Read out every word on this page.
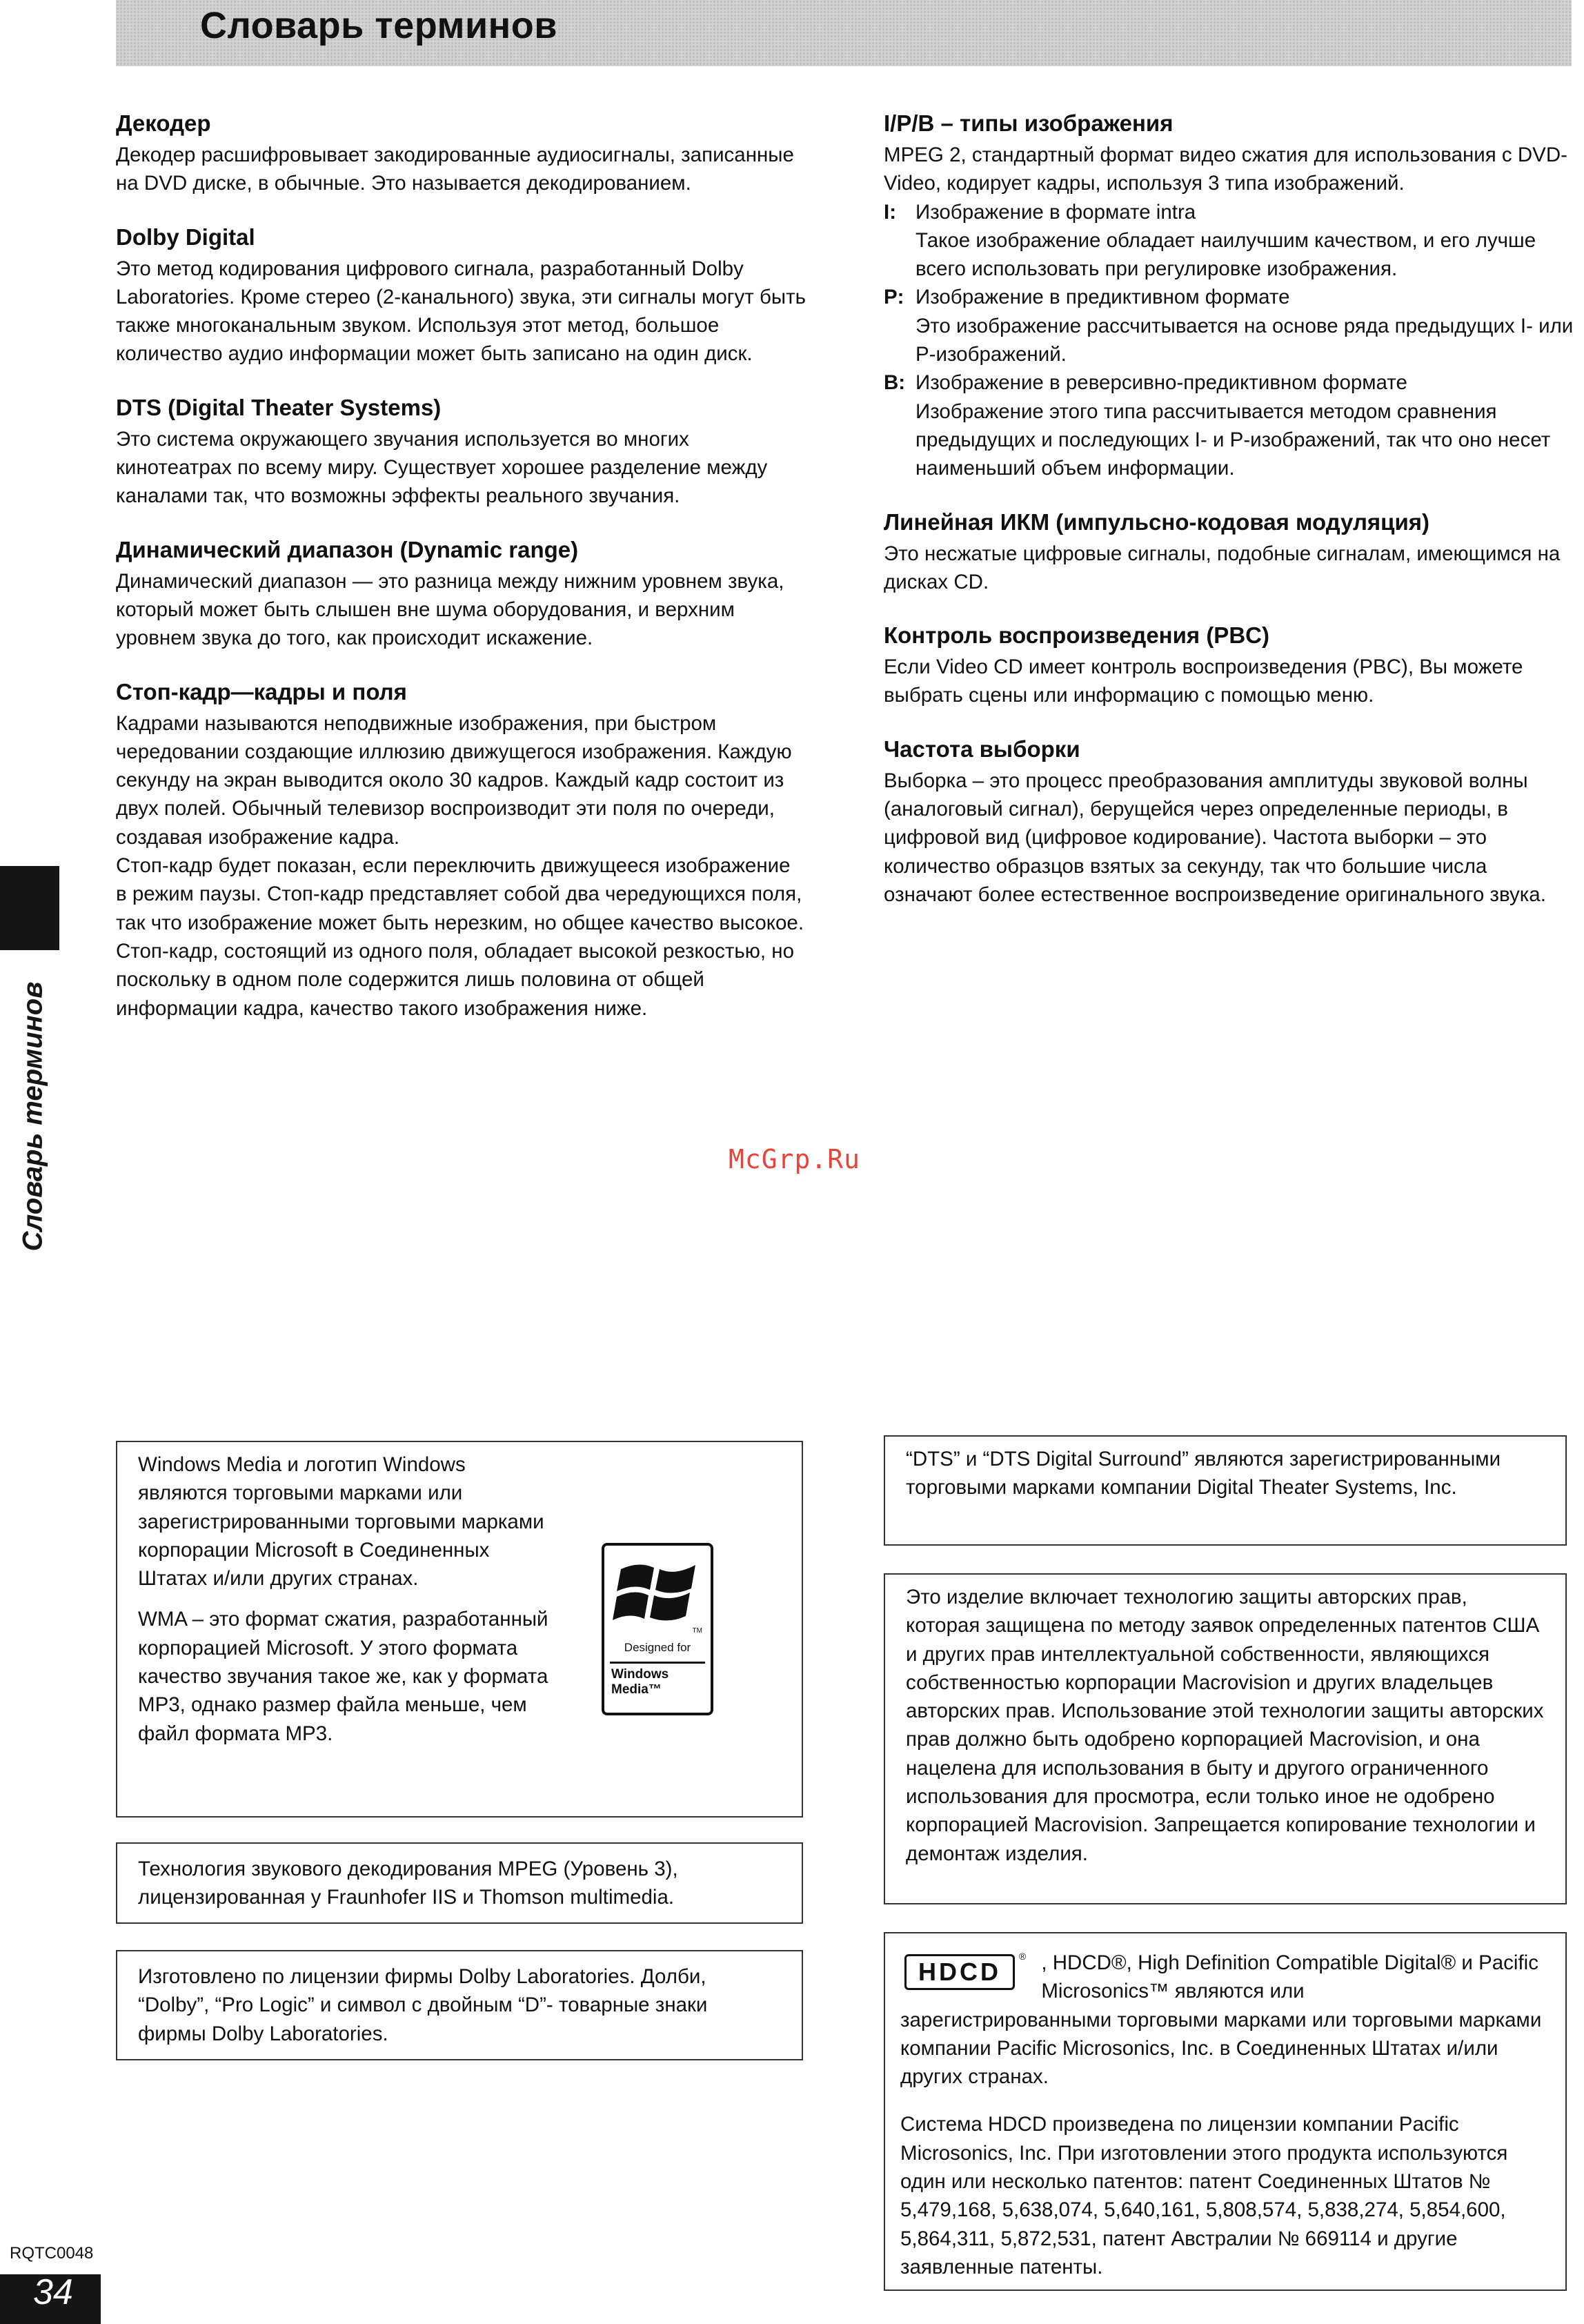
Словарь терминов
Словарь терминов
Декодер

Декодер расшифровывает закодированные аудиосигналы, записанные на DVD диске, в обычные. Это называется декодированием.

Dolby Digital

Это метод кодирования цифрового сигнала, разработанный Dolby Laboratories. Кроме стерео (2-канального) звука, эти сигналы могут быть также многоканальным звуком. Используя этот метод, большое количество аудио информации может быть записано на один диск.

DTS (Digital Theater Systems)

Это система окружающего звучания используется во многих кинотеатрах по всему миру. Существует хорошее разделение между каналами так, что возможны эффекты реального звучания.

Динамический диапазон (Dynamic range)

Динамический диапазон — это разница между нижним уровнем звука, который может быть слышен вне шума оборудования, и верхним уровнем звука до того, как происходит искажение.

Стоп-кадр—кадры и поля

Кадрами называются неподвижные изображения, при быстром чередовании создающие иллюзию движущегося изображения. Каждую секунду на экран выводится около 30 кадров. Каждый кадр состоит из двух полей. Обычный телевизор воспроизводит эти поля по очереди, создавая изображение кадра.

Стоп-кадр будет показан, если переключить движущееся изображение в режим паузы. Стоп-кадр представляет собой два чередующихся поля, так что изображение может быть нерезким, но общее качество высокое.

Стоп-кадр, состоящий из одного поля, обладает высокой резкостью, но поскольку в одном поле содержится лишь половина от общей информации кадра, качество такого изображения ниже.

McGrp.Ru
I/P/B – типы изображения

MPEG 2, стандартный формат видео сжатия для использования с DVD-Video, кодирует кадры, используя 3 типа изображений.

I: Изображение в формате intra
Такое изображение обладает наилучшим качеством, и его лучше всего использовать при регулировке изображения.
P: Изображение в предиктивном формате
Это изображение рассчитывается на основе ряда предыдущих I- или P-изображений.
B: Изображение в реверсивно-предиктивном формате
Изображение этого типа рассчитывается методом сравнения предыдущих и последующих I- и P-изображений, так что оно несет наименьший объем информации.
Линейная ИКМ (импульсно-кодовая модуляция)

Это несжатые цифровые сигналы, подобные сигналам, имеющимся на дисках CD.

Контроль воспроизведения (PBC)

Если Video CD имеет контроль воспроизведения (PBC), Вы можете выбрать сцены или информацию с помощью меню.

Частота выборки

Выборка – это процесс преобразования амплитуды звуковой волны (аналоговый сигнал), берущейся через определенные периоды, в цифровой вид (цифровое кодирование). Частота выборки – это количество образцов взятых за секунду, так что большие числа означают более естественное воспроизведение оригинального звука.

Windows Media и логотип Windows являются торговыми марками или зарегистрированными торговыми марками корпорации Microsoft в Соединенных Штатах и/или других странах.

WMA – это формат сжатия, разработанный корпорацией Microsoft. У этого формата качество звучания такое же, как у формата MP3, однако размер файла меньше, чем файл формата MP3.

TM
Designed for
Windows
Media™

Технология звукового декодирования MPEG (Уровень 3), лицензированная у Fraunhofer IIS и Thomson multimedia.

Изготовлено по лицензии фирмы Dolby Laboratories. Долби, “Dolby”, “Pro Logic” и символ с двойным “D”- товарные знаки фирмы Dolby Laboratories.

“DTS” и “DTS Digital Surround” являются зарегистрированными торговыми марками компании Digital Theater Systems, Inc.

Это изделие включает технологию защиты авторских прав, которая защищена по методу заявок определенных патентов США и других прав интеллектуальной собственности, являющихся собственностью корпорации Macrovision и других владельцев авторских прав. Использование этой технологии защиты авторских прав должно быть одобрено корпорацией Macrovision, и она нацелена для использования в быту и другого ограниченного использования для просмотра, если только иное не одобрено корпорацией Macrovision. Запрещается копирование технологии и демонтаж изделия.

HDCD
® , HDCD®, High Definition Compatible Digital® и Pacific Microsonics™ являются или

зарегистрированными торговыми марками или торговыми марками компании Pacific Microsonics, Inc. в Соединенных Штатах и/или других странах.

Система HDCD произведена по лицензии компании Pacific Microsonics, Inc. При изготовлении этого продукта используются один или несколько патентов: патент Соединенных Штатов № 5,479,168, 5,638,074, 5,640,161, 5,808,574, 5,838,274, 5,854,600, 5,864,311, 5,872,531, патент Австралии № 669114 и другие заявленные патенты.

RQTC0048
34
